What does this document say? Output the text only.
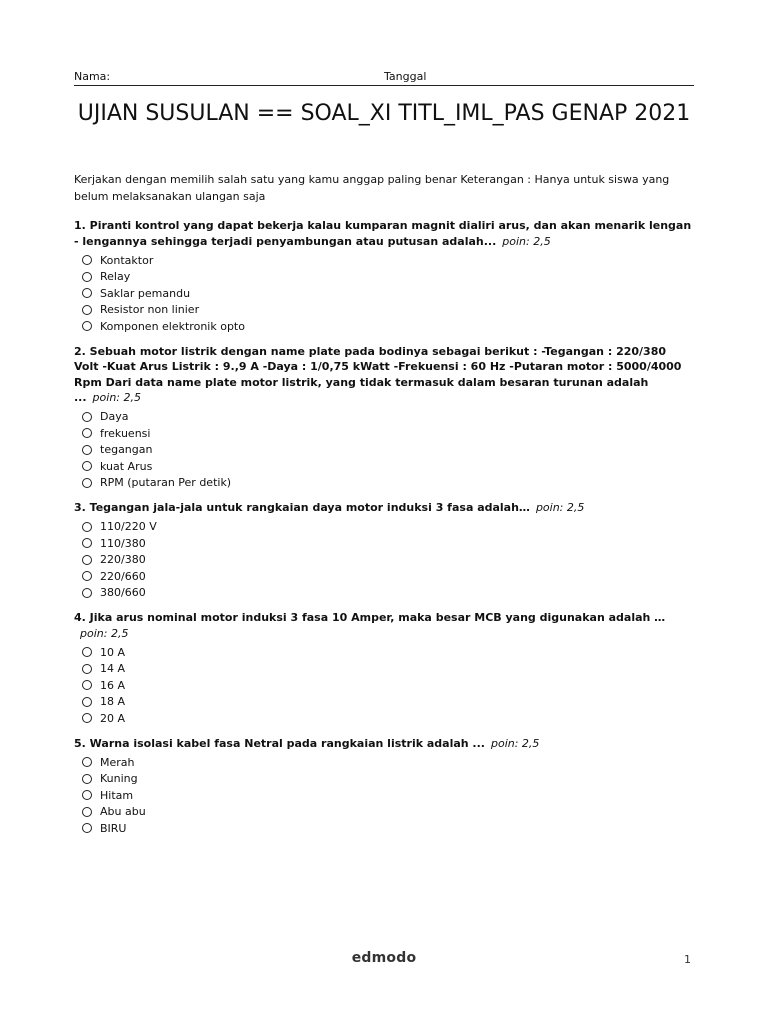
Nama:	Tanggal
UJIAN SUSULAN == SOAL_XI TITL_IML_PAS GENAP 2021
Kerjakan dengan memilih salah satu yang kamu anggap paling benar Keterangan : Hanya untuk siswa yang belum melaksanakan ulangan saja
1. Piranti kontrol yang dapat bekerja kalau kumparan magnit dialiri arus, dan akan menarik lengan - lengannya sehingga terjadi penyambungan atau putusan adalah... poin: 2,5
Kontaktor
Relay
Saklar pemandu
Resistor non linier
Komponen elektronik opto
2. Sebuah motor listrik dengan name plate pada bodinya sebagai berikut : -Tegangan : 220/380 Volt -Kuat Arus Listrik : 9.,9 A -Daya : 1/0,75 kWatt -Frekuensi : 60 Hz -Putaran motor : 5000/4000 Rpm Dari data name plate motor listrik, yang tidak termasuk dalam besaran turunan adalah ... poin: 2,5
Daya
frekuensi
tegangan
kuat Arus
RPM (putaran Per detik)
3. Tegangan jala-jala untuk rangkaian daya motor induksi 3 fasa adalah… poin: 2,5
110/220 V
110/380
220/380
220/660
380/660
4. Jika arus nominal motor induksi 3 fasa 10 Amper, maka besar MCB yang digunakan adalah …poin: 2,5
10 A
14 A
16 A
18 A
20 A
5. Warna isolasi kabel fasa Netral pada rangkaian listrik adalah ... poin: 2,5
Merah
Kuning
Hitam
Abu abu
BIRU
edmodo	1
